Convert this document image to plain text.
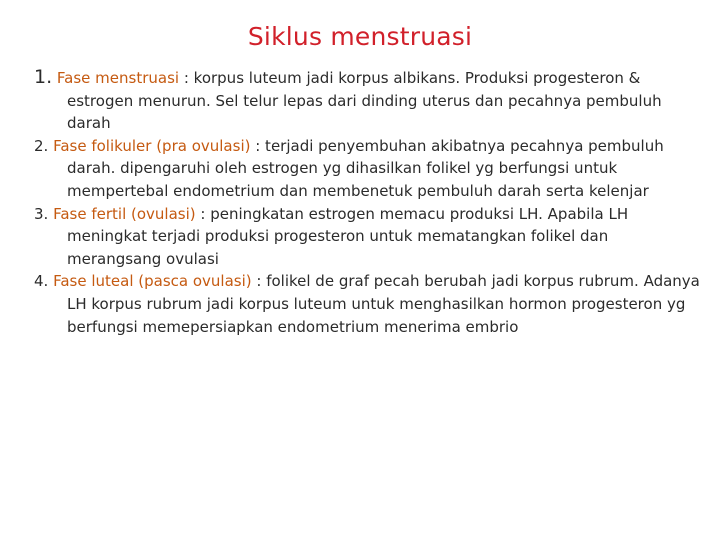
Siklus menstruasi

1. Fase menstruasi : korpus luteum jadi korpus albikans. Produksi progesteron & estrogen menurun. Sel telur lepas dari dinding uterus dan pecahnya pembuluh darah

2. Fase folikuler (pra ovulasi) : terjadi penyembuhan akibatnya pecahnya pembuluh darah. dipengaruhi oleh estrogen yg dihasilkan folikel yg berfungsi untuk mempertebal endometrium dan membenetuk pembuluh darah serta kelenjar

3. Fase fertil (ovulasi) : peningkatan estrogen memacu produksi LH. Apabila LH meningkat terjadi produksi progesteron untuk mematangkan folikel dan merangsang ovulasi

4. Fase luteal (pasca ovulasi) : folikel de graf pecah berubah jadi korpus rubrum. Adanya LH korpus rubrum jadi korpus luteum untuk menghasilkan hormon progesteron yg berfungsi memepersiapkan endometrium menerima embrio
